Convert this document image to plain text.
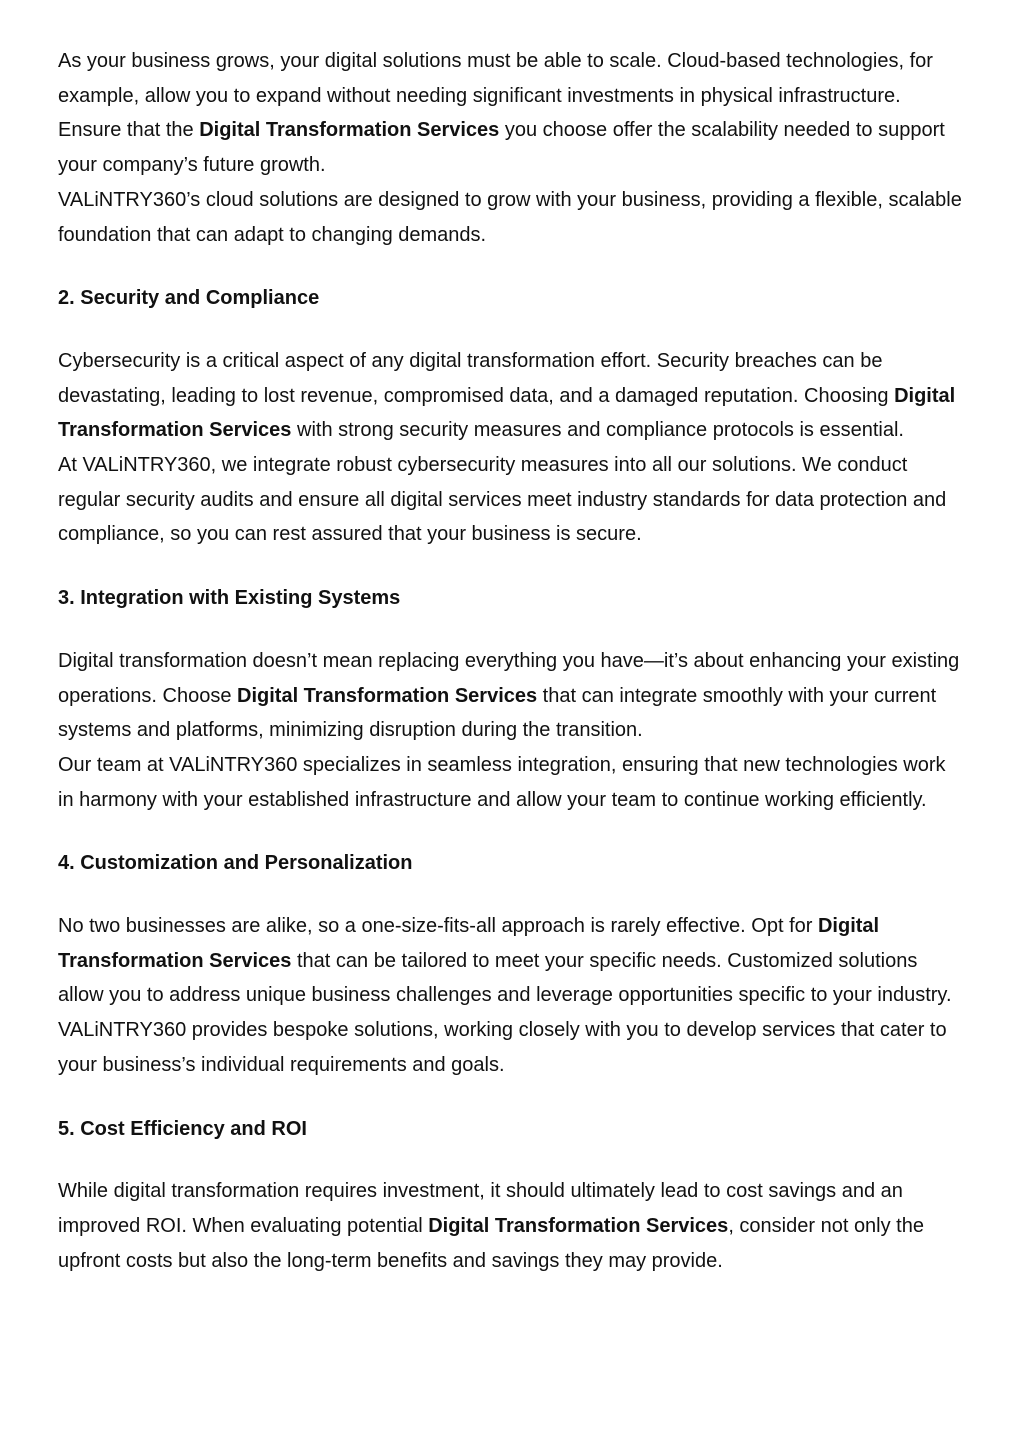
As your business grows, your digital solutions must be able to scale. Cloud-based technologies, for example, allow you to expand without needing significant investments in physical infrastructure. Ensure that the Digital Transformation Services you choose offer the scalability needed to support your company’s future growth.

VALiNTRY360’s cloud solutions are designed to grow with your business, providing a flexible, scalable foundation that can adapt to changing demands.

2. Security and Compliance

Cybersecurity is a critical aspect of any digital transformation effort. Security breaches can be devastating, leading to lost revenue, compromised data, and a damaged reputation. Choosing Digital Transformation Services with strong security measures and compliance protocols is essential.

At VALiNTRY360, we integrate robust cybersecurity measures into all our solutions. We conduct regular security audits and ensure all digital services meet industry standards for data protection and compliance, so you can rest assured that your business is secure.

3. Integration with Existing Systems

Digital transformation doesn’t mean replacing everything you have—it’s about enhancing your existing operations. Choose Digital Transformation Services that can integrate smoothly with your current systems and platforms, minimizing disruption during the transition.

Our team at VALiNTRY360 specializes in seamless integration, ensuring that new technologies work in harmony with your established infrastructure and allow your team to continue working efficiently.

4. Customization and Personalization

No two businesses are alike, so a one-size-fits-all approach is rarely effective. Opt for Digital Transformation Services that can be tailored to meet your specific needs. Customized solutions allow you to address unique business challenges and leverage opportunities specific to your industry.

VALiNTRY360 provides bespoke solutions, working closely with you to develop services that cater to your business’s individual requirements and goals.

5. Cost Efficiency and ROI

While digital transformation requires investment, it should ultimately lead to cost savings and an improved ROI. When evaluating potential Digital Transformation Services, consider not only the upfront costs but also the long-term benefits and savings they may provide.
